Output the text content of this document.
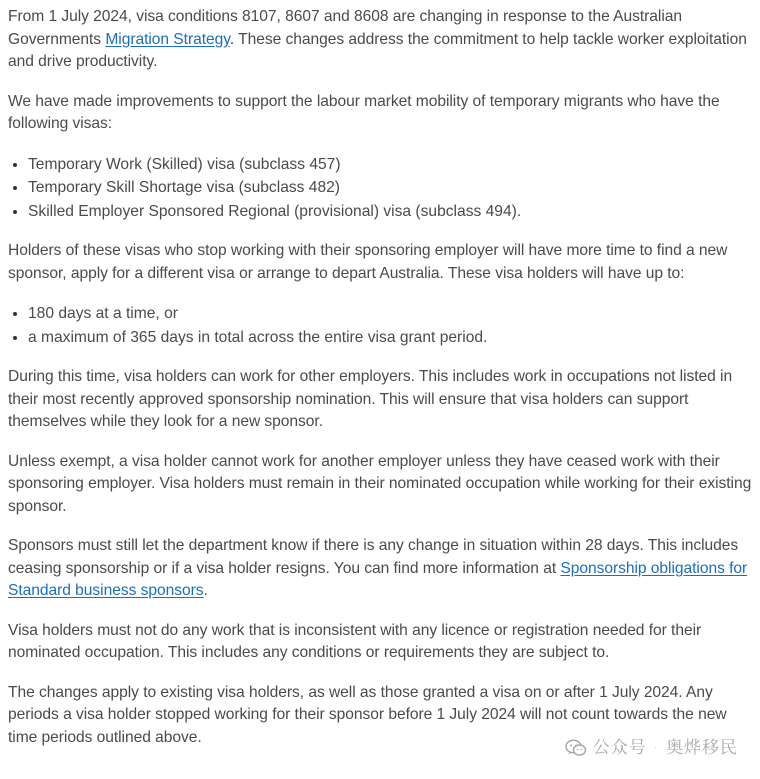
From 1 July 2024, visa conditions 8107, 8607 and 8608 are changing in response to the Australian Governments Migration Strategy. These changes address the commitment to help tackle worker exploitation and drive productivity.

We have made improvements to support the labour market mobility of temporary migrants who have the following visas:

• Temporary Work (Skilled) visa (subclass 457)
• Temporary Skill Shortage visa (subclass 482)
• Skilled Employer Sponsored Regional (provisional) visa (subclass 494).

Holders of these visas who stop working with their sponsoring employer will have more time to find a new sponsor, apply for a different visa or arrange to depart Australia. These visa holders will have up to:

• 180 days at a time, or
• a maximum of 365 days in total across the entire visa grant period.

During this time, visa holders can work for other employers. This includes work in occupations not listed in their most recently approved sponsorship nomination. This will ensure that visa holders can support themselves while they look for a new sponsor.

Unless exempt, a visa holder cannot work for another employer unless they have ceased work with their sponsoring employer. Visa holders must remain in their nominated occupation while working for their existing sponsor.

Sponsors must still let the department know if there is any change in situation within 28 days. This includes ceasing sponsorship or if a visa holder resigns. You can find more information at Sponsorship obligations for Standard business sponsors.

Visa holders must not do any work that is inconsistent with any licence or registration needed for their nominated occupation. This includes any conditions or requirements they are subject to.

The changes apply to existing visa holders, as well as those granted a visa on or after 1 July 2024. Any periods a visa holder stopped working for their sponsor before 1 July 2024 will not count towards the new time periods outlined above.

公众号 · 奥烨移民
